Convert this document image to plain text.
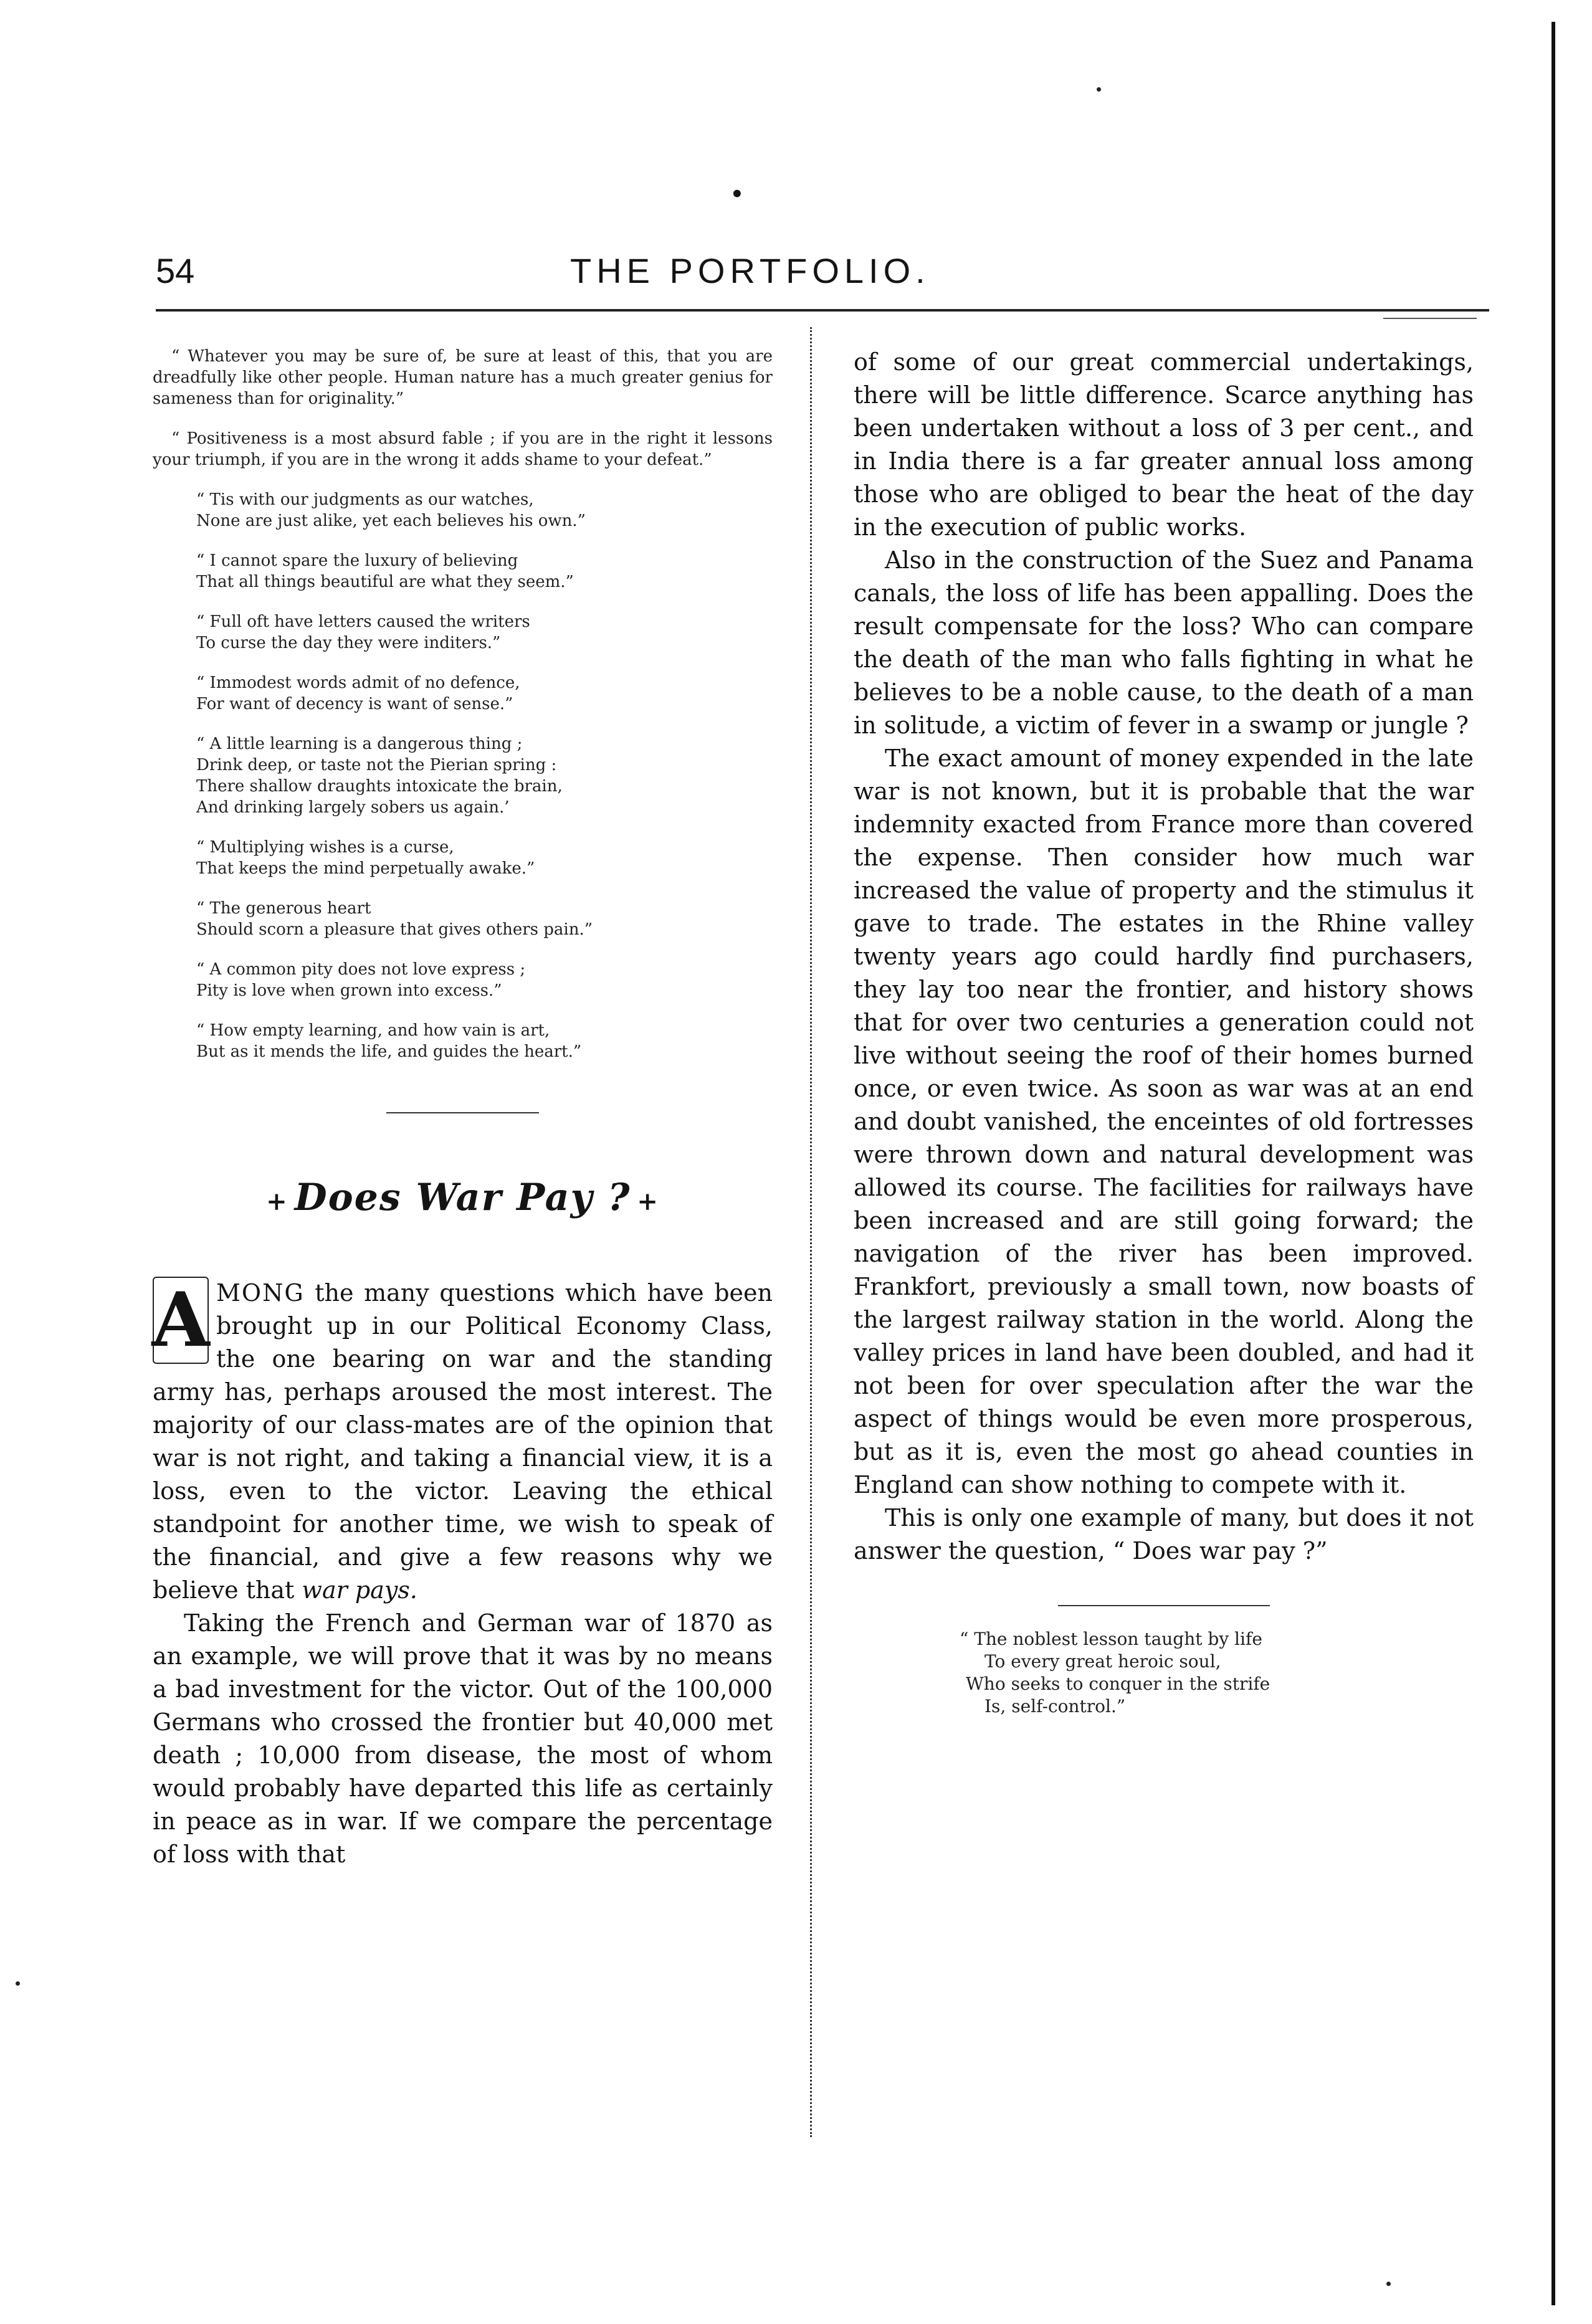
•
54	THE PORTFOLIO.

“ Whatever you may be sure of, be sure at least of this, that you are dreadfully like other people. Human nature has a much greater genius for sameness than for originality.”

“ Positiveness is a most absurd fable ; if you are in the right it lessons your triumph, if you are in the wrong it adds shame to your defeat.”

“ Tis with our judgments as our watches,
None are just alike, yet each believes his own.”

“ I cannot spare the luxury of believing
That all things beautiful are what they seem.”

“ Full oft have letters caused the writers
To curse the day they were inditers.”

“ Immodest words admit of no defence,
For want of decency is want of sense.”

“ A little learning is a dangerous thing ;
Drink deep, or taste not the Pierian spring :
There shallow draughts intoxicate the brain,
And drinking largely sobers us again.’

“ Multiplying wishes is a curse,
That keeps the mind perpetually awake.”

“ The generous heart
Should scorn a pleasure that gives others pain.”

“ A common pity does not love express ;
Pity is love when grown into excess.”

“ How empty learning, and how vain is art,
But as it mends the life, and guides the heart.”

+ Does War Pay ? +

A MONG the many questions which have been brought up in our Political Economy Class, the one bearing on war and the standing army has, perhaps aroused the most interest. The majority of our class-mates are of the opinion that war is not right, and taking a financial view, it is a loss, even to the victor. Leaving the ethical standpoint for another time, we wish to speak of the financial, and give a few reasons why we believe that war pays.

Taking the French and German war of 1870 as an example, we will prove that it was by no means a bad investment for the victor. Out of the 100,000 Germans who crossed the frontier but 40,000 met death ; 10,000 from disease, the most of whom would probably have departed this life as certainly in peace as in war. If we compare the percentage of loss with that

of some of our great commercial undertakings, there will be little difference. Scarce anything has been undertaken without a loss of 3 per cent., and in India there is a far greater annual loss among those who are obliged to bear the heat of the day in the execution of public works.

Also in the construction of the Suez and Panama canals, the loss of life has been appalling. Does the result compensate for the loss? Who can compare the death of the man who falls fighting in what he believes to be a noble cause, to the death of a man in solitude, a victim of fever in a swamp or jungle ?

The exact amount of money expended in the late war is not known, but it is probable that the war indemnity exacted from France more than covered the expense. Then consider how much war increased the value of property and the stimulus it gave to trade. The estates in the Rhine valley twenty years ago could hardly find purchasers, they lay too near the frontier, and history shows that for over two centuries a generation could not live without seeing the roof of their homes burned once, or even twice. As soon as war was at an end and doubt vanished, the enceintes of old fortresses were thrown down and natural development was allowed its course. The facilities for railways have been increased and are still going forward; the navigation of the river has been improved. Frankfort, previously a small town, now boasts of the largest railway station in the world. Along the valley prices in land have been doubled, and had it not been for over speculation after the war the aspect of things would be even more prosperous, but as it is, even the most go ahead counties in England can show nothing to compete with it.

This is only one example of many, but does it not answer the question, “ Does war pay ?”

“ The noblest lesson taught by life
To every great heroic soul,
Who seeks to conquer in the strife
Is, self-control.”
